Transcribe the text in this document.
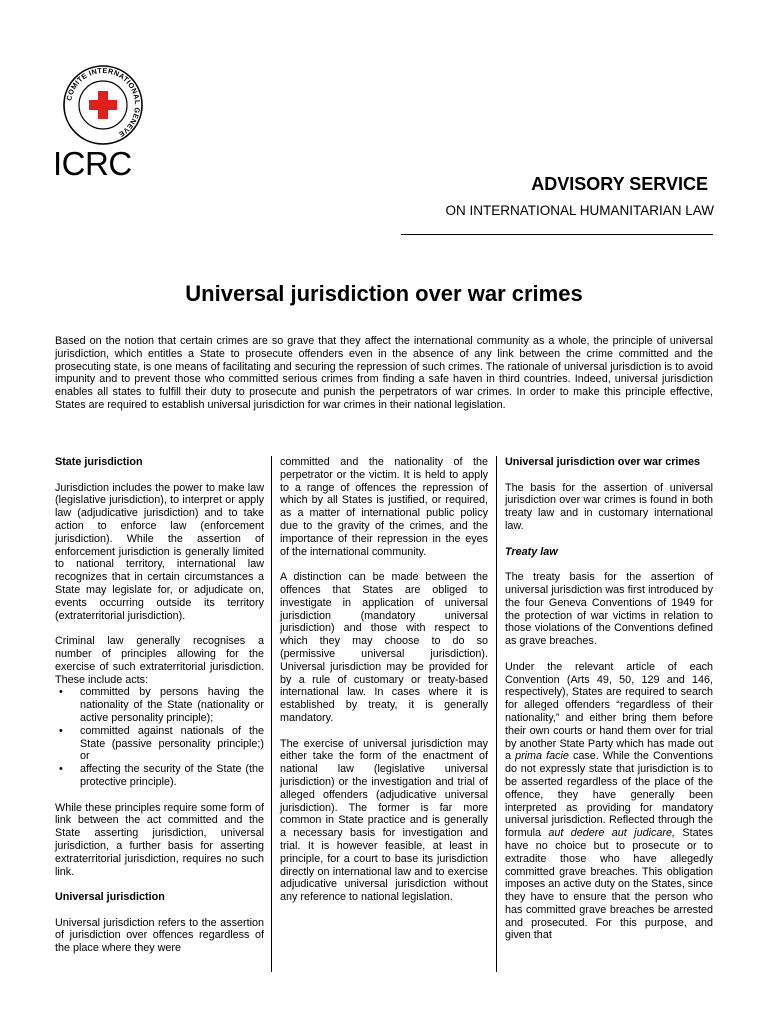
COMITE INTERNATIONAL GENEVE
ICRC
ADVISORY SERVICE
ON INTERNATIONAL HUMANITARIAN LAW
Universal jurisdiction over war crimes

Based on the notion that certain crimes are so grave that they affect the international community as a whole, the principle of universal jurisdiction, which entitles a State to prosecute offenders even in the absence of any link between the crime committed and the prosecuting state, is one means of facilitating and securing the repression of such crimes. The rationale of universal jurisdiction is to avoid impunity and to prevent those who committed serious crimes from finding a safe haven in third countries. Indeed, universal jurisdiction enables all states to fulfill their duty to prosecute and punish the perpetrators of war crimes. In order to make this principle effective, States are required to establish universal jurisdiction for war crimes in their national legislation.

State jurisdiction

Jurisdiction includes the power to make law (legislative jurisdiction), to interpret or apply law (adjudicative jurisdiction) and to take action to enforce law (enforcement jurisdiction). While the assertion of enforcement jurisdiction is generally limited to national territory, international law recognizes that in certain circumstances a State may legislate for, or adjudicate on, events occurring outside its territory (extraterritorial jurisdiction).

Criminal law generally recognises a number of principles allowing for the exercise of such extraterritorial jurisdiction. These include acts:

• committed by persons having the nationality of the State (nationality or active personality principle);
• committed against nationals of the State (passive personality principle;) or
• affecting the security of the State (the protective principle).

While these principles require some form of link between the act committed and the State asserting jurisdiction, universal jurisdiction, a further basis for asserting extraterritorial jurisdiction, requires no such link.

Universal jurisdiction

Universal jurisdiction refers to the assertion of jurisdiction over offences regardless of the place where they were

committed and the nationality of the perpetrator or the victim. It is held to apply to a range of offences the repression of which by all States is justified, or required, as a matter of international public policy due to the gravity of the crimes, and the importance of their repression in the eyes of the international community.

A distinction can be made between the offences that States are obliged to investigate in application of universal jurisdiction (mandatory universal jurisdiction) and those with respect to which they may choose to do so (permissive universal jurisdiction). Universal jurisdiction may be provided for by a rule of customary or treaty-based international law. In cases where it is established by treaty, it is generally mandatory.

The exercise of universal jurisdiction may either take the form of the enactment of national law (legislative universal jurisdiction) or the investigation and trial of alleged offenders (adjudicative universal jurisdiction). The former is far more common in State practice and is generally a necessary basis for investigation and trial. It is however feasible, at least in principle, for a court to base its jurisdiction directly on international law and to exercise adjudicative universal jurisdiction without any reference to national legislation.

Universal jurisdiction over war crimes

The basis for the assertion of universal jurisdiction over war crimes is found in both treaty law and in customary international law.

Treaty law

The treaty basis for the assertion of universal jurisdiction was first introduced by the four Geneva Conventions of 1949 for the protection of war victims in relation to those violations of the Conventions defined as grave breaches.

Under the relevant article of each Convention (Arts 49, 50, 129 and 146, respectively), States are required to search for alleged offenders “regardless of their nationality,” and either bring them before their own courts or hand them over for trial by another State Party which has made out a prima facie case. While the Conventions do not expressly state that jurisdiction is to be asserted regardless of the place of the offence, they have generally been interpreted as providing for mandatory universal jurisdiction. Reflected through the formula aut dedere aut judicare, States have no choice but to prosecute or to extradite those who have allegedly committed grave breaches. This obligation imposes an active duty on the States, since they have to ensure that the person who has committed grave breaches be arrested and prosecuted. For this purpose, and given that
